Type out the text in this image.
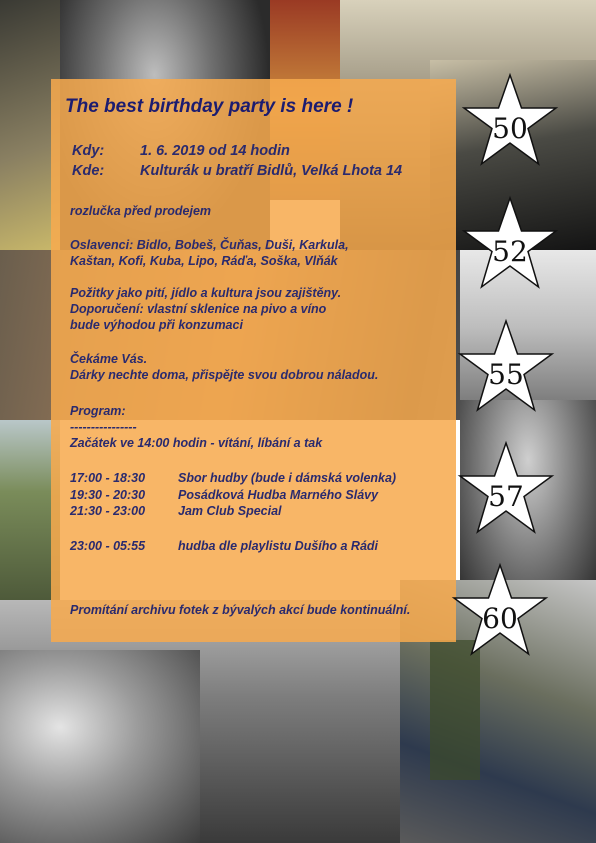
The best birthday party is here !
Kdy: 1. 6. 2019 od 14 hodin
Kde: Kulturák u bratří Bidlů, Velká Lhota 14
rozlučka před prodejem
Oslavenci: Bidlo, Bobeš, Čuňas, Duši, Karkula,
Kaštan, Kofi, Kuba, Lipo, Ráďa, Soška, Vlňák
Požitky jako pití, jídlo a kultura jsou zajištěny.
Doporučení: vlastní sklenice na pivo a víno
bude výhodou při konzumaci
Čekáme Vás.
Dárky nechte doma, přispějte svou dobrou náladou.
Program:
----------------
Začátek ve 14:00 hodin - vítání, líbání a tak
17:00 - 18:30	Sbor hudby (bude i dámská volenka)
19:30 - 20:30	Posádková Hudba Marného Slávy
21:30 - 23:00	Jam Club Special
23:00 - 05:55	hudba dle playlistu Dušího a Rádi
Promítání archivu fotek z bývalých akcí bude kontinuální.
50
52
55
57
60
